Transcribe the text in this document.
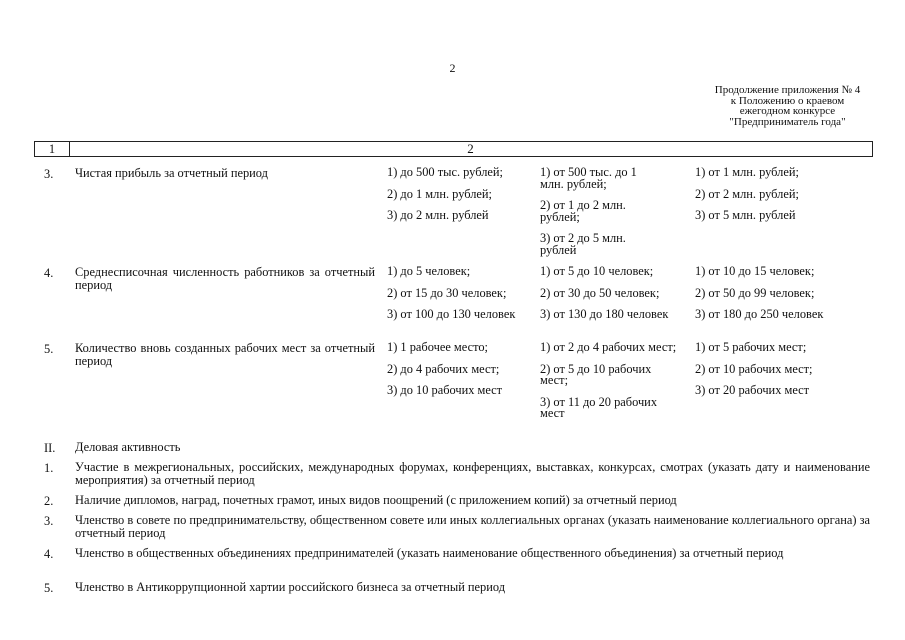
2
Продолжение приложения № 4
к Положению о краевом
ежегодном конкурсе
"Предприниматель года"
1	2
3. Чистая прибыль за отчетный период	1) до 500 тыс. рублей;
2) до 1 млн. рублей;
3) до 2 млн. рублей
1) от 500 тыс. до 1 млн. рублей;
2) от 1 до 2 млн. рублей;
3) от 2 до 5 млн. рублей
1) от 1 млн. рублей;
2) от 2 млн. рублей;
3) от 5 млн. рублей
4. Среднесписочная численность работников за отчетный период
1) до 5 человек;
2) от 15 до 30 человек;
3) от 100 до 130 человек
1) от 5 до 10 человек;
2) от 30 до 50 человек;
3) от 130 до 180 человек
1) от 10 до 15 человек;
2) от 50 до 99 человек;
3) от 180 до 250 человек
5. Количество вновь созданных рабочих мест за отчетный период
1) 1 рабочее место;
2) до 4 рабочих мест;
3) до 10 рабочих мест
1) от 2 до 4 рабочих мест;
2) от 5 до 10 рабочих мест;
3) от 11 до 20 рабочих мест
1) от 5 рабочих мест;
2) от 10 рабочих мест;
3) от 20 рабочих мест
II. Деловая активность
1. Участие в межрегиональных, российских, международных форумах, конференциях, выставках, конкурсах, смотрах (указать дату и наименование мероприятия) за отчетный период
2. Наличие дипломов, наград, почетных грамот, иных видов поощрений (с приложением копий) за отчетный период
3. Членство в совете по предпринимательству, общественном совете или иных коллегиальных органах (указать наименование коллегиального органа) за отчетный период
4. Членство в общественных объединениях предпринимателей (указать наименование общественного объединения) за отчетный период
5. Членство в Антикоррупционной хартии российского бизнеса за отчетный период
